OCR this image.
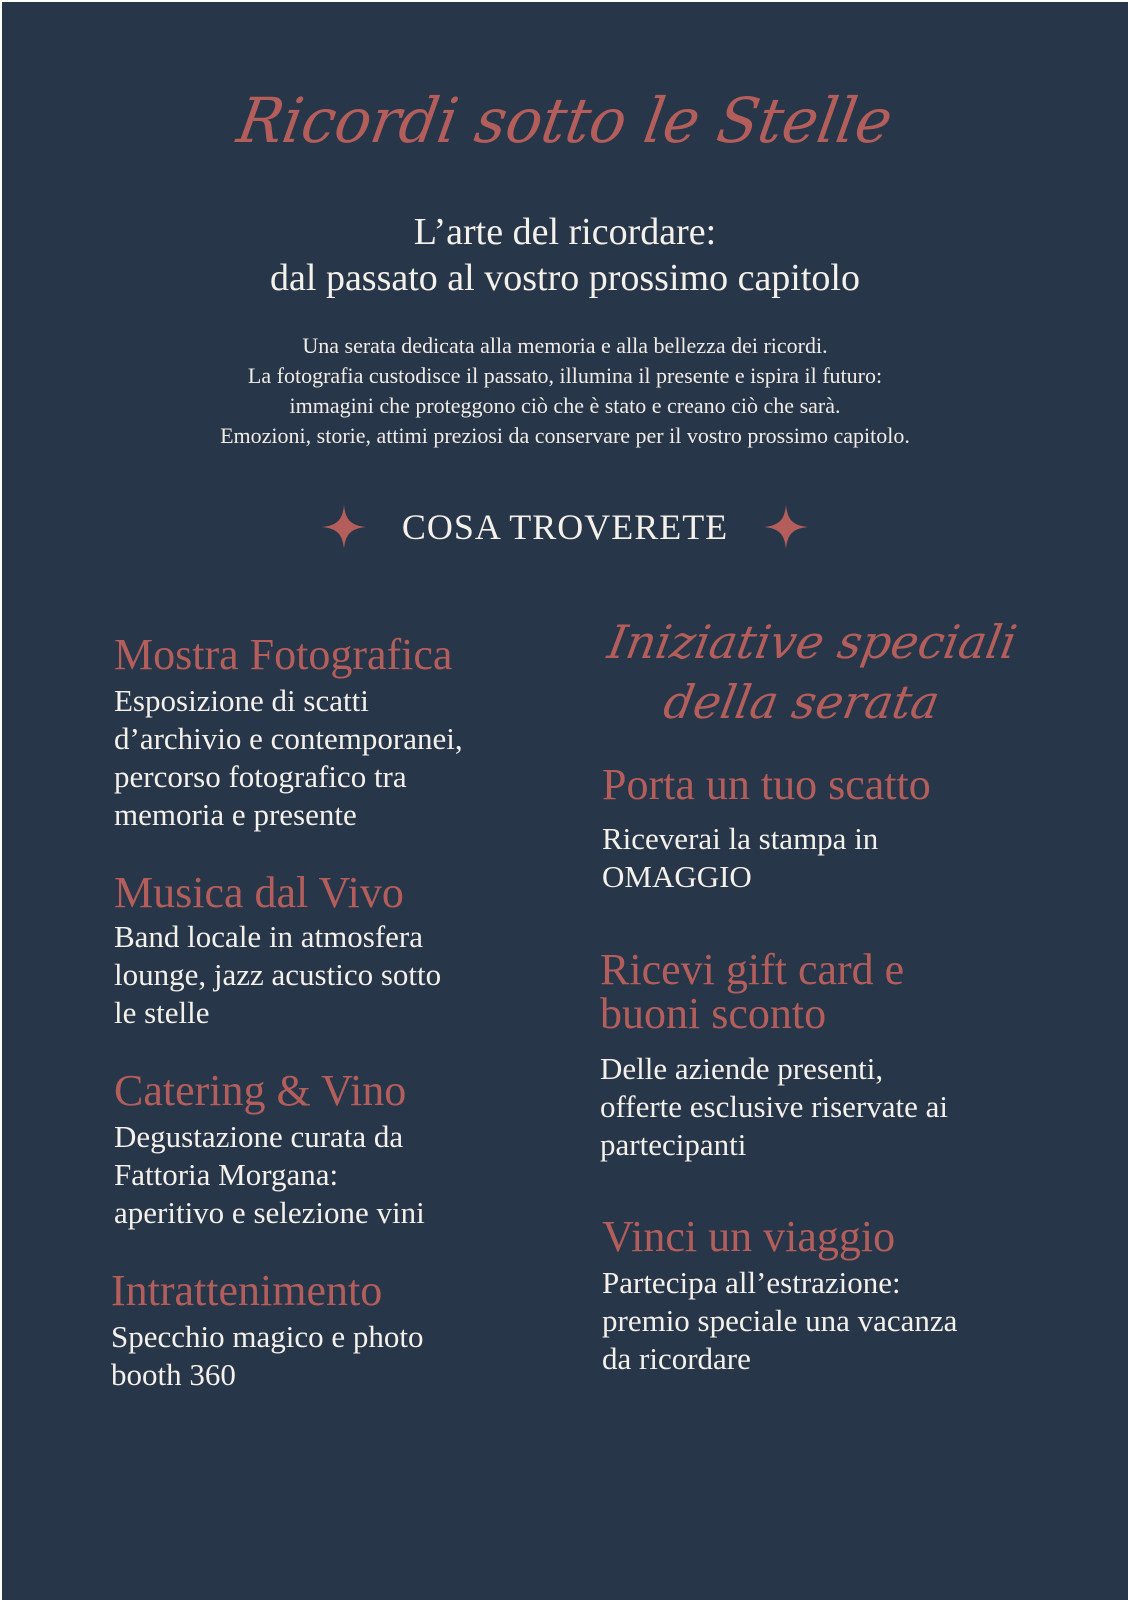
Ricordi sotto le Stelle
L’arte del ricordare:
dal passato al vostro prossimo capitolo
Una serata dedicata alla memoria e alla bellezza dei ricordi.
La fotografia custodisce il passato, illumina il presente e ispira il futuro:
immagini che proteggono ciò che è stato e creano ciò che sarà.
Emozioni, storie, attimi preziosi da conservare per il vostro prossimo capitolo.
COSA TROVERETE
Mostra Fotografica
Esposizione di scatti
d’archivio e contemporanei,
percorso fotografico tra
memoria e presente
Musica dal Vivo
Band locale in atmosfera
lounge, jazz acustico sotto
le stelle
Catering & Vino
Degustazione curata da
Fattoria Morgana:
aperitivo e selezione vini
Intrattenimento
Specchio magico e photo
booth 360
Iniziative speciali
della serata
Porta un tuo scatto
Riceverai la stampa in
OMAGGIO
Ricevi gift card e
buoni sconto
Delle aziende presenti,
offerte esclusive riservate ai
partecipanti
Vinci un viaggio
Partecipa all’estrazione:
premio speciale una vacanza
da ricordare
